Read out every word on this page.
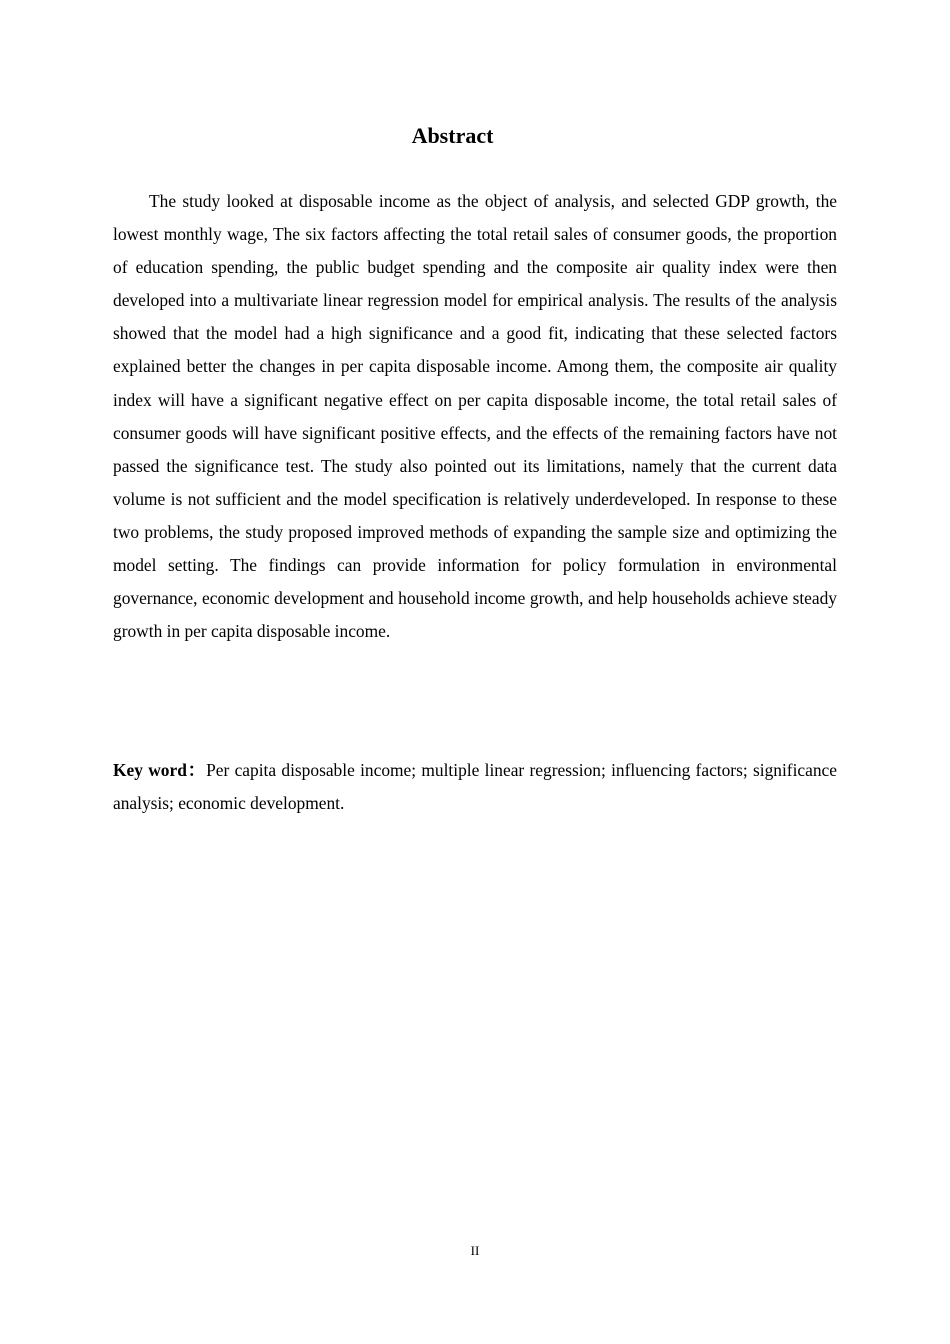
Abstract

The study looked at disposable income as the object of analysis, and selected GDP growth, the lowest monthly wage, The six factors affecting the total retail sales of consumer goods, the proportion of education spending, the public budget spending and the composite air quality index were then developed into a multivariate linear regression model for empirical analysis. The results of the analysis showed that the model had a high significance and a good fit, indicating that these selected factors explained better the changes in per capita disposable income. Among them, the composite air quality index will have a significant negative effect on per capita disposable income, the total retail sales of consumer goods will have significant positive effects, and the effects of the remaining factors have not passed the significance test. The study also pointed out its limitations, namely that the current data volume is not sufficient and the model specification is relatively underdeveloped. In response to these two problems, the study proposed improved methods of expanding the sample size and optimizing the model setting. The findings can provide information for policy formulation in environmental governance, economic development and household income growth, and help households achieve steady growth in per capita disposable income.

Key word：Per capita disposable income; multiple linear regression; influencing factors; significance analysis; economic development.

II
